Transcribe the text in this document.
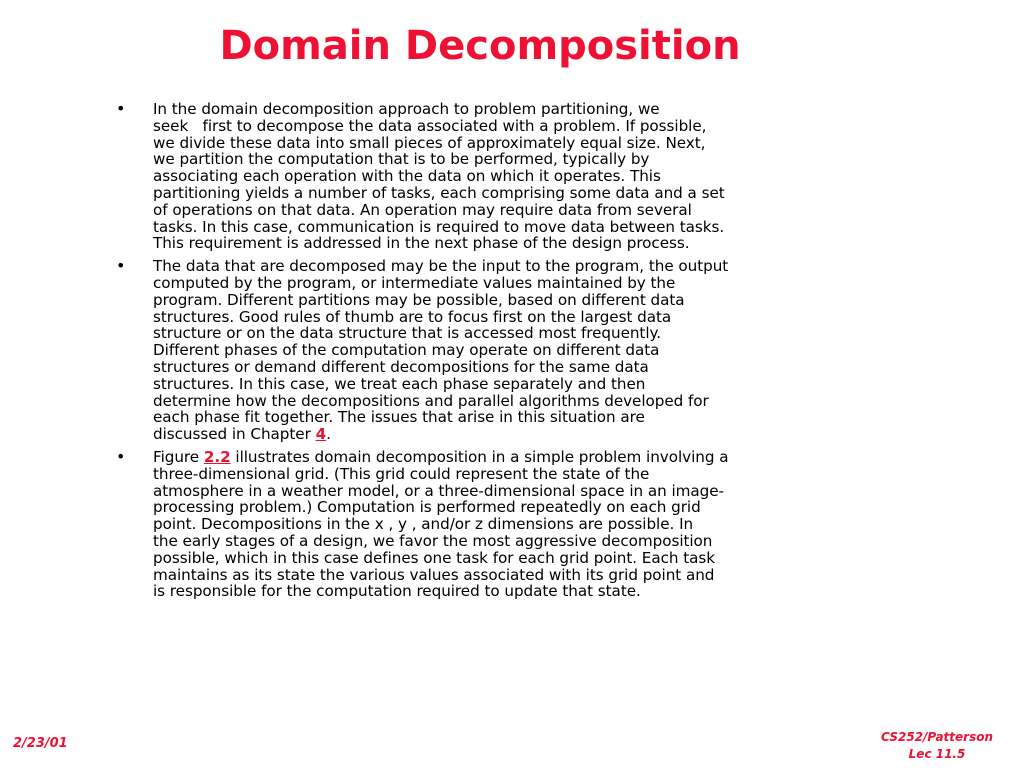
Domain Decomposition
• In the domain decomposition approach to problem partitioning, we
seek   first to decompose the data associated with a problem. If possible,
we divide these data into small pieces of approximately equal size. Next,
we partition the computation that is to be performed, typically by
associating each operation with the data on which it operates. This
partitioning yields a number of tasks, each comprising some data and a set
of operations on that data. An operation may require data from several
tasks. In this case, communication is required to move data between tasks.
This requirement is addressed in the next phase of the design process.
• The data that are decomposed may be the input to the program, the output
computed by the program, or intermediate values maintained by the
program. Different partitions may be possible, based on different data
structures. Good rules of thumb are to focus first on the largest data
structure or on the data structure that is accessed most frequently.
Different phases of the computation may operate on different data
structures or demand different decompositions for the same data
structures. In this case, we treat each phase separately and then
determine how the decompositions and parallel algorithms developed for
each phase fit together. The issues that arise in this situation are
discussed in Chapter 4.
• Figure 2.2 illustrates domain decomposition in a simple problem involving a
three-dimensional grid. (This grid could represent the state of the
atmosphere in a weather model, or a three-dimensional space in an image-
processing problem.) Computation is performed repeatedly on each grid
point. Decompositions in the x , y , and/or z dimensions are possible. In
the early stages of a design, we favor the most aggressive decomposition
possible, which in this case defines one task for each grid point. Each task
maintains as its state the various values associated with its grid point and
is responsible for the computation required to update that state.
2/23/01	CS252/Patterson
Lec 11.5
